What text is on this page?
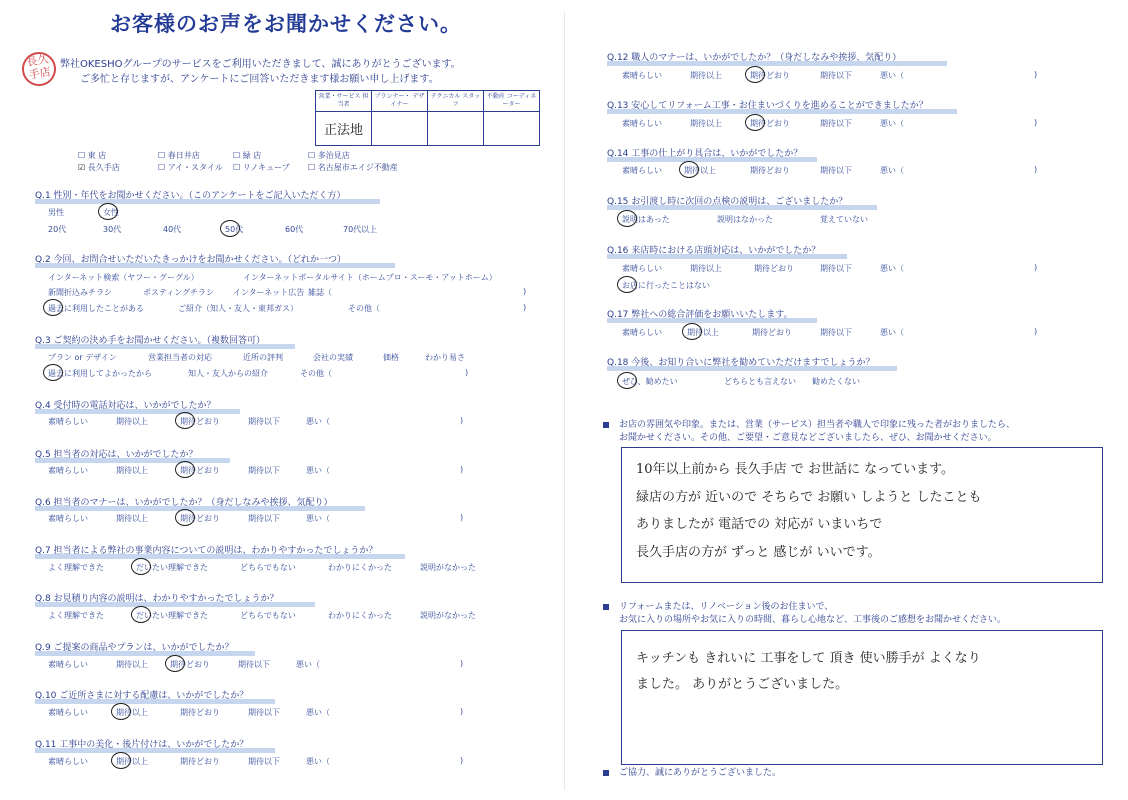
お客様のお声をお聞かせください。
長久
手店
弊社OKESHOグループのサービスをご利用いただきまして、誠にありがとうございます。
ご多忙と存じますが、アンケートにご回答いただきます様お願い申し上げます。
営業・サービス 担当者	プランナー・ デザイナー	テクニカル スタッフ	不動産 コーディネーター
正法地			
☐ 東 店	☐ 春日井店	☐ 緑 店	☐ 多治見店
☑ 長久手店	☐ アイ・スタイル ☐ リノキューブ ☐ 名古屋市エイジ不動産
Q.1 性別・年代をお聞かせください。（このアンケートをご記入いただく方）
男性	女性
20代	30代	40代	50代	60代	70代以上
Q.2 今回、お問合せいただいたきっかけをお聞かせください。（どれか一つ）
インターネット検索（ヤフー・グーグル）	インターネットポータルサイト（ホームプロ・スーモ・アットホーム）
新聞折込みチラシ	ポスティングチラシ インターネット広告 雑誌（	)
過去に利用したことがある	ご紹介（知人・友人・東邦ガス）	その他（	)
Q.3 ご契約の決め手をお聞かせください。（複数回答可）
プラン or デザイン	営業担当者の対応	近所の評判	会社の実績	価格	わかり易さ
過去に利用してよかったから	知人・友人からの紹介	その他（	)
Q.4 受付時の電話対応は、いかがでしたか？
素晴らしい	期待以上	期待どおり	期待以下	悪い（	)
Q.5 担当者の対応は、いかがでしたか？
素晴らしい	期待以上	期待どおり	期待以下	悪い（	)
Q.6 担当者のマナーは、いかがでしたか？（身だしなみや挨拶、気配り）
素晴らしい	期待以上	期待どおり	期待以下	悪い（	)
Q.7 担当者による弊社の事業内容についての説明は、わかりやすかったでしょうか？
よく理解できた	だいたい理解できた	どちらでもない	わかりにくかった	説明がなかった
Q.8 お見積り内容の説明は、わかりやすかったでしょうか？
よく理解できた	だいたい理解できた	どちらでもない	わかりにくかった	説明がなかった
Q.9 ご提案の商品やプランは、いかがでしたか？
素晴らしい	期待以上	期待どおり	期待以下	悪い（	)
Q.10 ご近所さまに対する配慮は、いかがでしたか？
素晴らしい	期待以上	期待どおり	期待以下	悪い（	)
Q.11 工事中の美化・後片付けは、いかがでしたか？
素晴らしい	期待以上	期待どおり	期待以下	悪い（	)
Q.12 職人のマナーは、いかがでしたか？（身だしなみや挨拶、気配り）
素晴らしい	期待以上	期待どおり	期待以下	悪い（	)
Q.13 安心してリフォーム工事・お住まいづくりを進めることができましたか？
素晴らしい	期待以上	期待どおり	期待以下	悪い（	)
Q.14 工事の仕上がり具合は、いかがでしたか？
素晴らしい	期待以上	期待どおり	期待以下	悪い（	)
Q.15 お引渡し時に次回の点検の説明は、ございましたか？
説明はあった	説明はなかった	覚えていない
Q.16 来店時における店頭対応は、いかがでしたか？
素晴らしい	期待以上	期待どおり	期待以下	悪い（	)
お店に行ったことはない
Q.17 弊社への総合評価をお願いいたします。
素晴らしい	期待以上	期待どおり	期待以下	悪い（	)
Q.18 今後、お知り合いに弊社を勧めていただけますでしょうか？
ぜひ、勧めたい	どちらとも言えない 勧めたくない
お店の雰囲気や印象。または、営業（サービス）担当者や職人で印象に残った者がおりましたら、
お聞かせください。その他、ご要望・ご意見などございましたら、ぜひ、お聞かせください。
10年以上前から 長久手店 で お世話に なっています。
緑店の方が 近いので そちらで お願い しようと したことも
ありましたが 電話での 対応が いまいちで
長久手店の方が ずっと 感じが いいです。
リフォームまたは、リノベーション後のお住まいで、
お気に入りの場所やお気に入りの時間、暮らし心地など、工事後のご感想をお聞かせください。
キッチンも きれいに 工事をして 頂き 使い勝手が よくなり
ました。 ありがとうございました。
ご協力、誠にありがとうございました。
